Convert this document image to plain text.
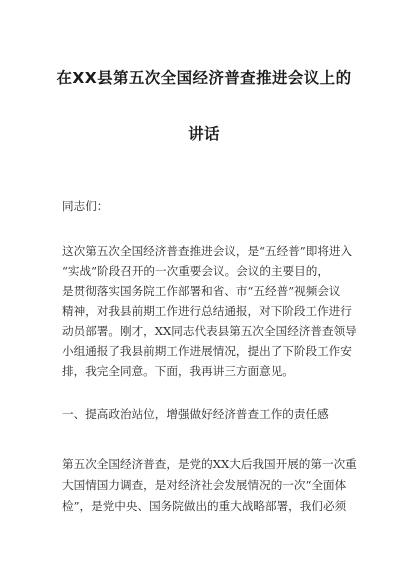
在XX县第五次全国经济普查推进会议上的
讲话
同志们：
这次第五次全国经济普查推进会议，是“五经普”即将进入
“实战”阶段召开的一次重要会议。会议的主要目的，
是贯彻落实国务院工作部署和省、市“五经普”视频会议
精神，对我县前期工作进行总结通报，对下阶段工作进行
动员部署。刚才，XX同志代表县第五次全国经济普查领导
小组通报了我县前期工作进展情况，提出了下阶段工作安
排，我完全同意。下面，我再讲三方面意见。
一、提高政治站位，增强做好经济普查工作的责任感
第五次全国经济普查，是党的XX大后我国开展的第一次重
大国情国力调查，是对经济社会发展情况的一次“全面体
检”，是党中央、国务院做出的重大战略部署，我们必须
